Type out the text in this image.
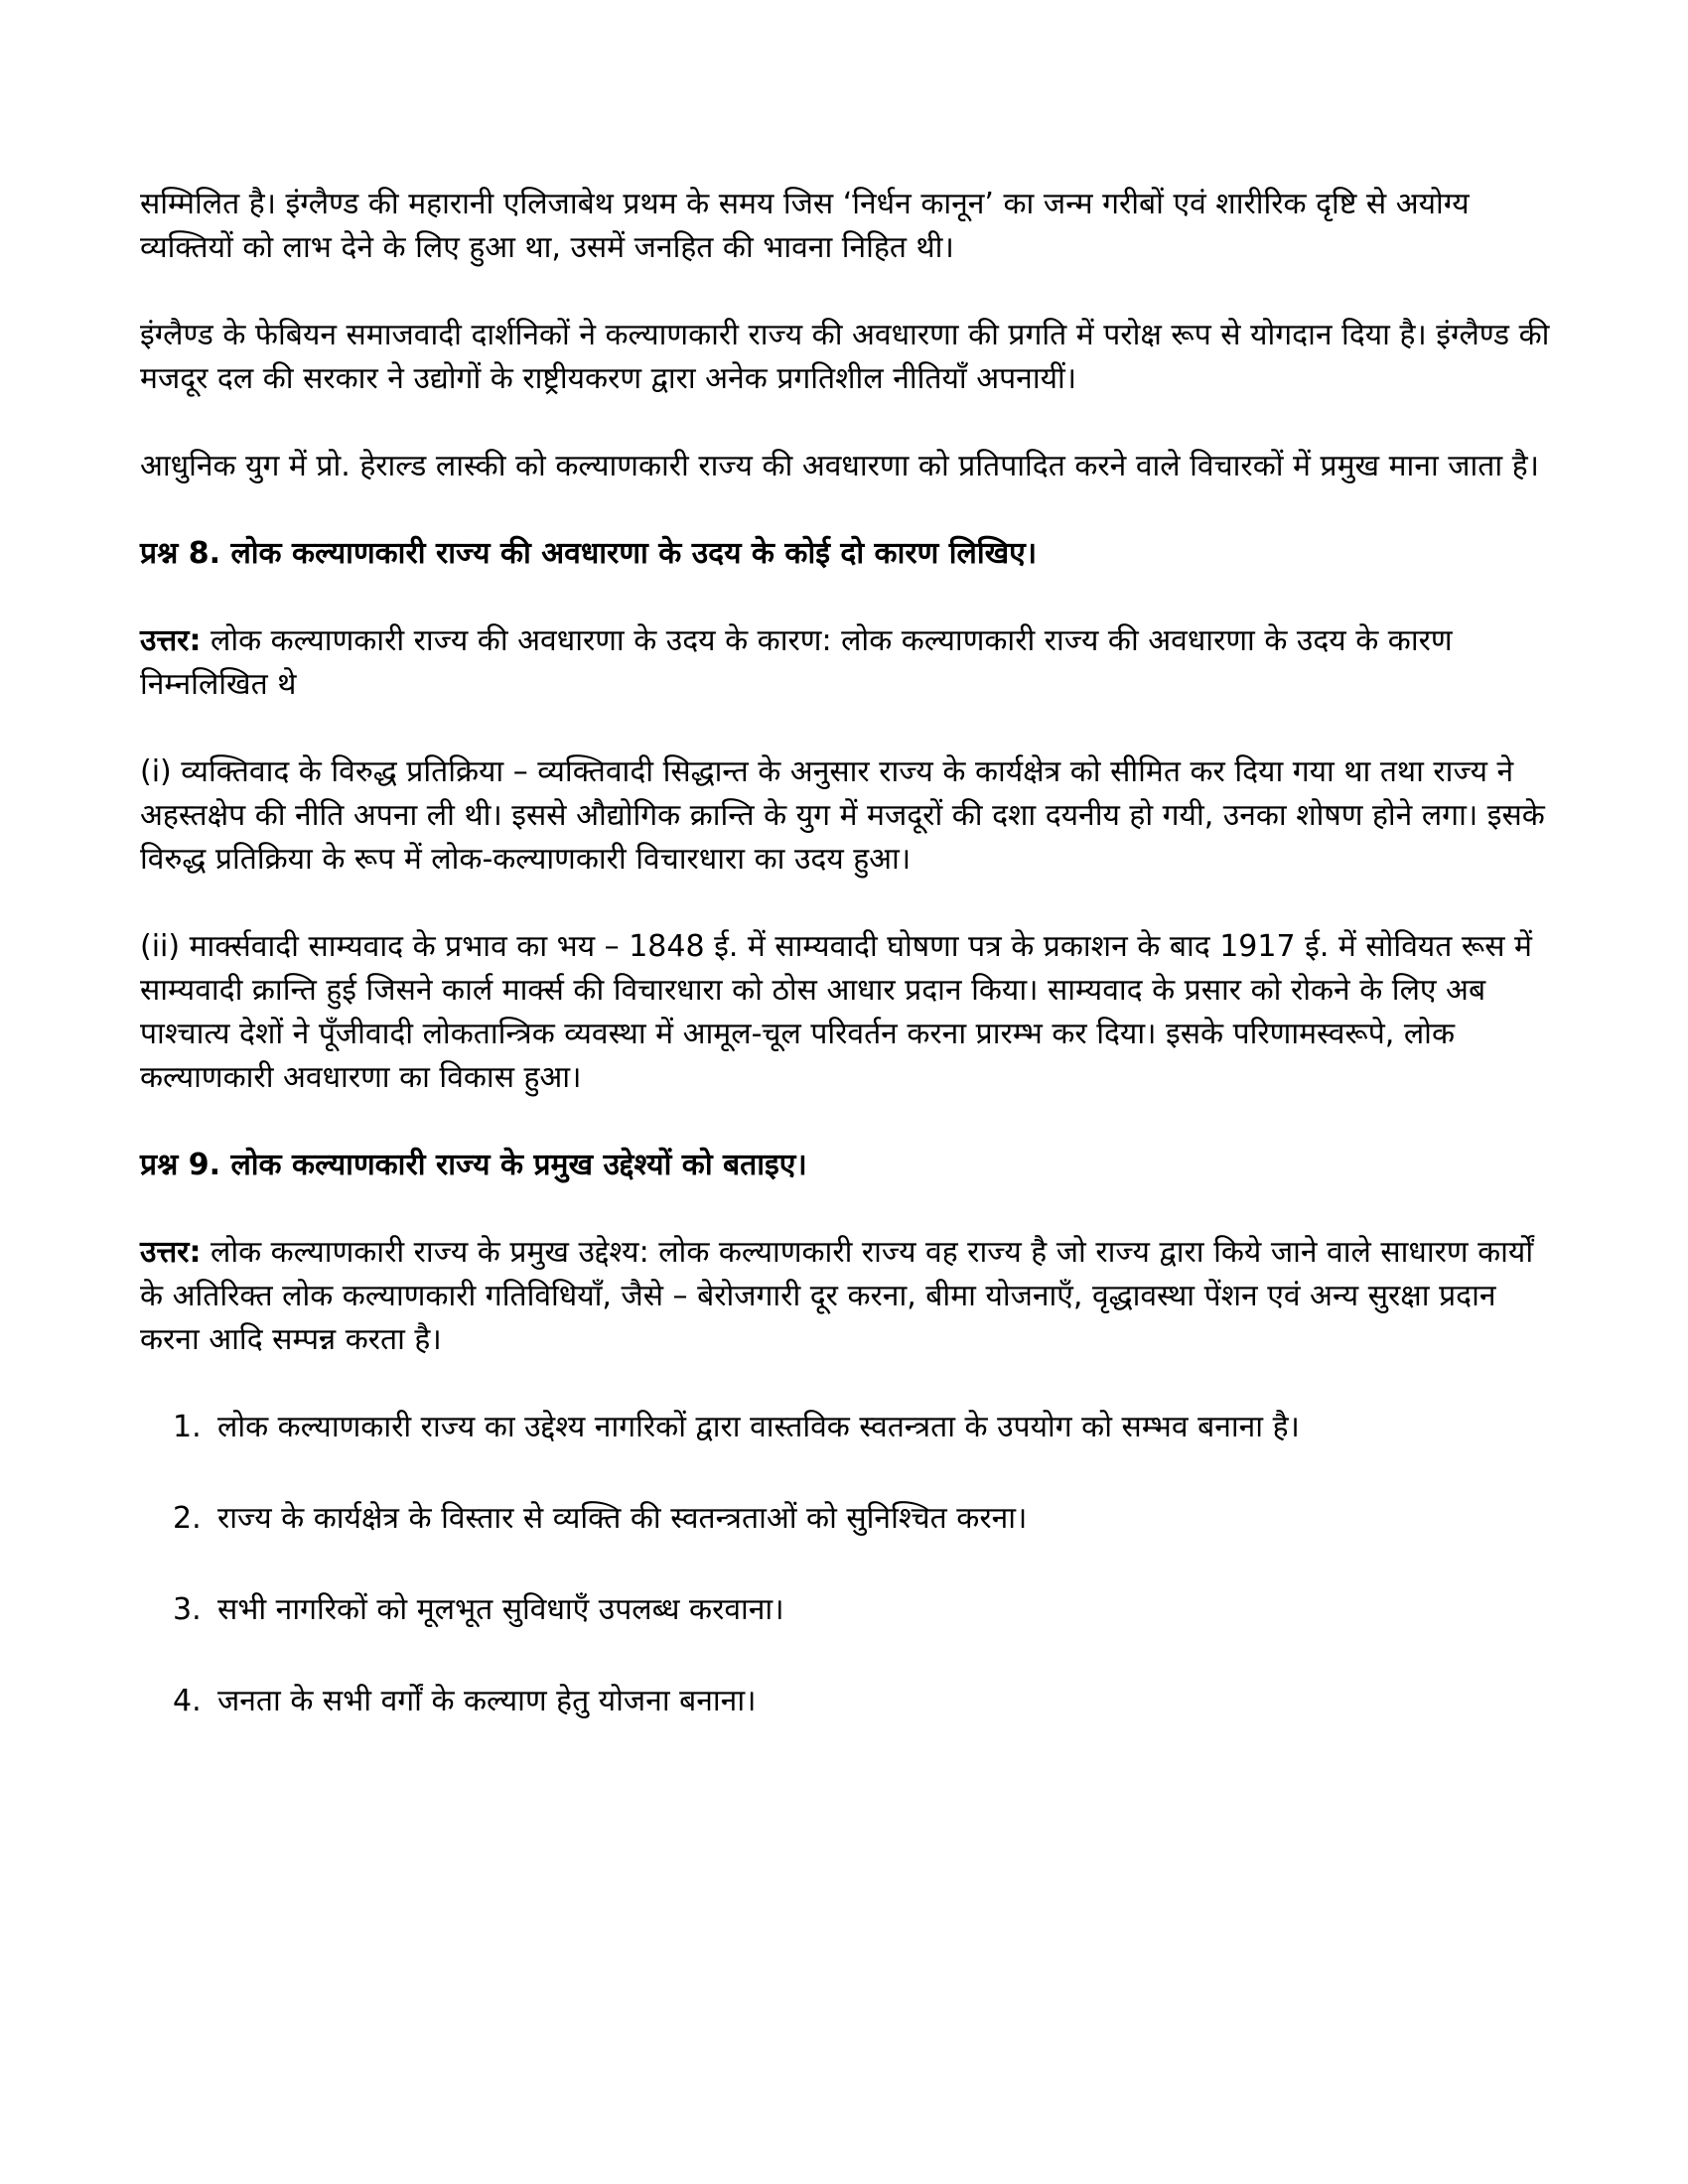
सम्मिलित है। इंग्लैण्ड की महारानी एलिजाबेथ प्रथम के समय जिस ‘निर्धन कानून’ का जन्म गरीबों एवं शारीरिक दृष्टि से अयोग्य व्यक्तियों को लाभ देने के लिए हुआ था, उसमें जनहित की भावना निहित थी।

इंग्लैण्ड के फेबियन समाजवादी दार्शनिकों ने कल्याणकारी राज्य की अवधारणा की प्रगति में परोक्ष रूप से योगदान दिया है। इंग्लैण्ड की मजदूर दल की सरकार ने उद्योगों के राष्ट्रीयकरण द्वारा अनेक प्रगतिशील नीतियाँ अपनायीं।

आधुनिक युग में प्रो. हेराल्ड लास्की को कल्याणकारी राज्य की अवधारणा को प्रतिपादित करने वाले विचारकों में प्रमुख माना जाता है।

प्रश्न 8. लोक कल्याणकारी राज्य की अवधारणा के उदय के कोई दो कारण लिखिए।

उत्तर: लोक कल्याणकारी राज्य की अवधारणा के उदय के कारण: लोक कल्याणकारी राज्य की अवधारणा के उदय के कारण निम्नलिखित थे

(i) व्यक्तिवाद के विरुद्ध प्रतिक्रिया – व्यक्तिवादी सिद्धान्त के अनुसार राज्य के कार्यक्षेत्र को सीमित कर दिया गया था तथा राज्य ने अहस्तक्षेप की नीति अपना ली थी। इससे औद्योगिक क्रान्ति के युग में मजदूरों की दशा दयनीय हो गयी, उनका शोषण होने लगा। इसके विरुद्ध प्रतिक्रिया के रूप में लोक-कल्याणकारी विचारधारा का उदय हुआ।

(ii) मार्क्सवादी साम्यवाद के प्रभाव का भय – 1848 ई. में साम्यवादी घोषणा पत्र के प्रकाशन के बाद 1917 ई. में सोवियत रूस में साम्यवादी क्रान्ति हुई जिसने कार्ल मार्क्स की विचारधारा को ठोस आधार प्रदान किया। साम्यवाद के प्रसार को रोकने के लिए अब पाश्चात्य देशों ने पूँजीवादी लोकतान्त्रिक व्यवस्था में आमूल-चूल परिवर्तन करना प्रारम्भ कर दिया। इसके परिणामस्वरूपे, लोक कल्याणकारी अवधारणा का विकास हुआ।

प्रश्न 9. लोक कल्याणकारी राज्य के प्रमुख उद्देश्यों को बताइए।

उत्तर: लोक कल्याणकारी राज्य के प्रमुख उद्देश्य: लोक कल्याणकारी राज्य वह राज्य है जो राज्य द्वारा किये जाने वाले साधारण कार्यों के अतिरिक्त लोक कल्याणकारी गतिविधियाँ, जैसे – बेरोजगारी दूर करना, बीमा योजनाएँ, वृद्धावस्था पेंशन एवं अन्य सुरक्षा प्रदान करना आदि सम्पन्न करता है।

1. लोक कल्याणकारी राज्य का उद्देश्य नागरिकों द्वारा वास्तविक स्वतन्त्रता के उपयोग को सम्भव बनाना है।
2. राज्य के कार्यक्षेत्र के विस्तार से व्यक्ति की स्वतन्त्रताओं को सुनिश्चित करना।
3. सभी नागरिकों को मूलभूत सुविधाएँ उपलब्ध करवाना।
4. जनता के सभी वर्गों के कल्याण हेतु योजना बनाना।
